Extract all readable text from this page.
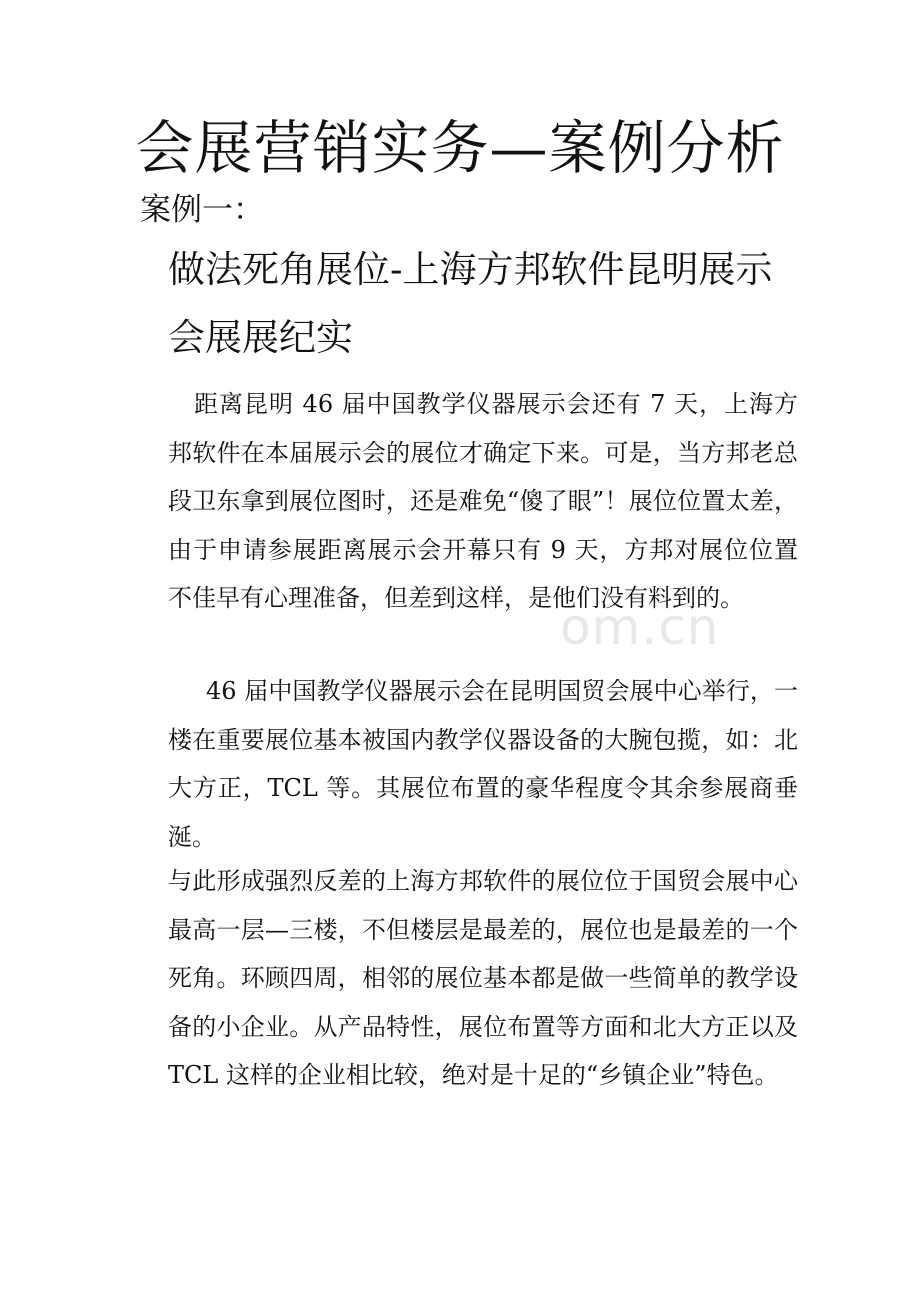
会展营销实务—案例分析

案例一：

做法死角展位-上海方邦软件昆明展示会展展纪实

距离昆明 46 届中国教学仪器展示会还有 7 天，上海方邦软件在本届展示会的展位才确定下来。可是，当方邦老总段卫东拿到展位图时，还是难免“傻了眼”！展位位置太差，由于申请参展距离展示会开幕只有 9 天，方邦对展位位置不佳早有心理准备，但差到这样，是他们没有料到的。

46 届中国教学仪器展示会在昆明国贸会展中心举行，一楼在重要展位基本被国内教学仪器设备的大腕包揽，如：北大方正，TCL 等。其展位布置的豪华程度令其余参展商垂涎。

与此形成强烈反差的上海方邦软件的展位位于国贸会展中心最高一层—三楼，不但楼层是最差的，展位也是最差的一个死角。环顾四周，相邻的展位基本都是做一些简单的教学设备的小企业。从产品特性，展位布置等方面和北大方正以及 TCL 这样的企业相比较，绝对是十足的“乡镇企业”特色。

om.cn
